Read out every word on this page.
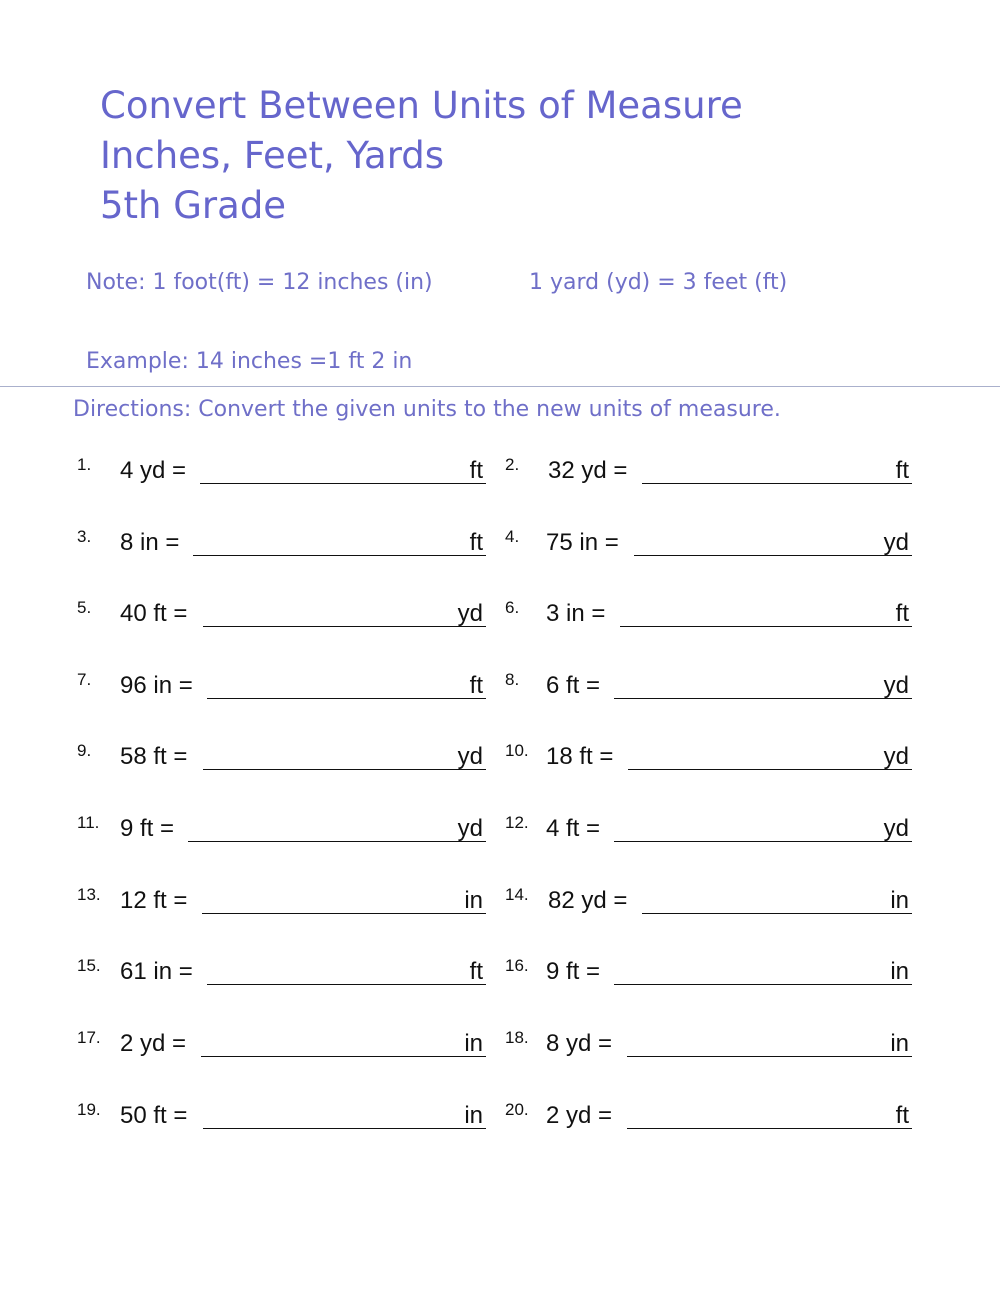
Convert Between Units of Measure
Inches, Feet, Yards
5th Grade
Note: 1 foot(ft) = 12 inches (in)	1 yard (yd) = 3 feet (ft)
Example: 14 inches =1 ft 2 in
Directions: Convert the given units to the new units of measure.
1. 4 yd =	ft 2. 32 yd =	ft
3. 8 in =	ft 4. 75 in =	yd
5. 40 ft =	yd 6. 3 in =	ft
7. 96 in =	ft 8. 6 ft =	yd
9. 58 ft =	yd 10. 18 ft =	yd
11. 9 ft =	yd 12. 4 ft =	yd
13. 12 ft =	in 14. 82 yd =	in
15. 61 in =	ft 16. 9 ft =	in
17. 2 yd =	in 18. 8 yd =	in
19. 50 ft =	in 20. 2 yd =	ft
